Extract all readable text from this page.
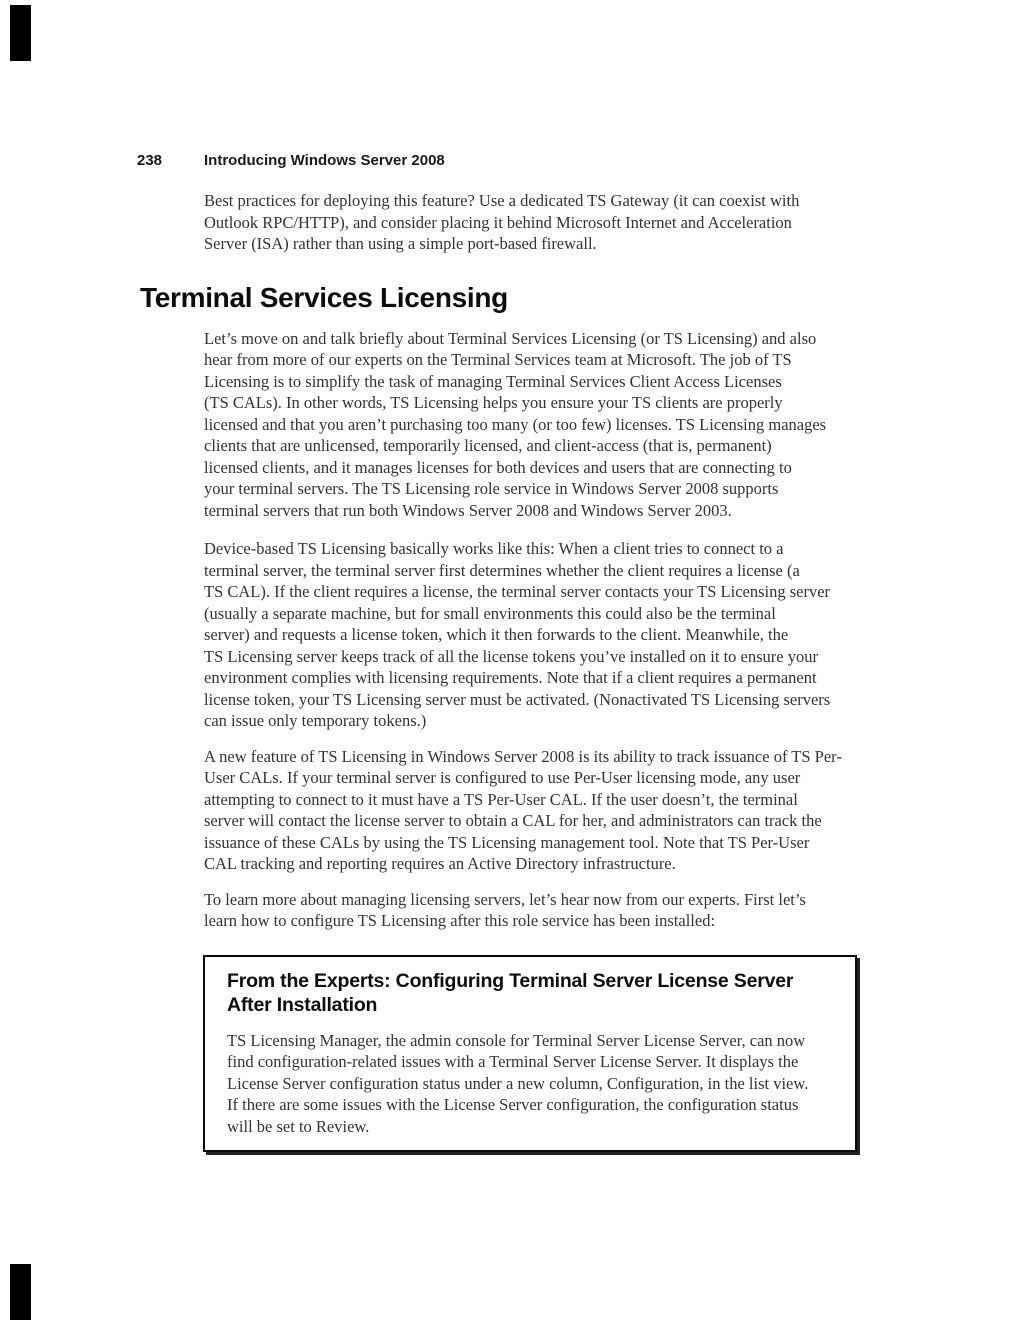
238	Introducing Windows Server 2008
Best practices for deploying this feature? Use a dedicated TS Gateway (it can coexist with
Outlook RPC/HTTP), and consider placing it behind Microsoft Internet and Acceleration
Server (ISA) rather than using a simple port-based firewall.
Terminal Services Licensing
Let’s move on and talk briefly about Terminal Services Licensing (or TS Licensing) and also
hear from more of our experts on the Terminal Services team at Microsoft. The job of TS
Licensing is to simplify the task of managing Terminal Services Client Access Licenses
(TS CALs). In other words, TS Licensing helps you ensure your TS clients are properly
licensed and that you aren’t purchasing too many (or too few) licenses. TS Licensing manages
clients that are unlicensed, temporarily licensed, and client-access (that is, permanent)
licensed clients, and it manages licenses for both devices and users that are connecting to
your terminal servers. The TS Licensing role service in Windows Server 2008 supports
terminal servers that run both Windows Server 2008 and Windows Server 2003.
Device-based TS Licensing basically works like this: When a client tries to connect to a
terminal server, the terminal server first determines whether the client requires a license (a
TS CAL). If the client requires a license, the terminal server contacts your TS Licensing server
(usually a separate machine, but for small environments this could also be the terminal
server) and requests a license token, which it then forwards to the client. Meanwhile, the
TS Licensing server keeps track of all the license tokens you’ve installed on it to ensure your
environment complies with licensing requirements. Note that if a client requires a permanent
license token, your TS Licensing server must be activated. (Nonactivated TS Licensing servers
can issue only temporary tokens.)
A new feature of TS Licensing in Windows Server 2008 is its ability to track issuance of TS Per-
User CALs. If your terminal server is configured to use Per-User licensing mode, any user
attempting to connect to it must have a TS Per-User CAL. If the user doesn’t, the terminal
server will contact the license server to obtain a CAL for her, and administrators can track the
issuance of these CALs by using the TS Licensing management tool. Note that TS Per-User
CAL tracking and reporting requires an Active Directory infrastructure.
To learn more about managing licensing servers, let’s hear now from our experts. First let’s
learn how to configure TS Licensing after this role service has been installed:
From the Experts: Configuring Terminal Server License Server
After Installation
TS Licensing Manager, the admin console for Terminal Server License Server, can now
find configuration-related issues with a Terminal Server License Server. It displays the
License Server configuration status under a new column, Configuration, in the list view.
If there are some issues with the License Server configuration, the configuration status
will be set to Review.
